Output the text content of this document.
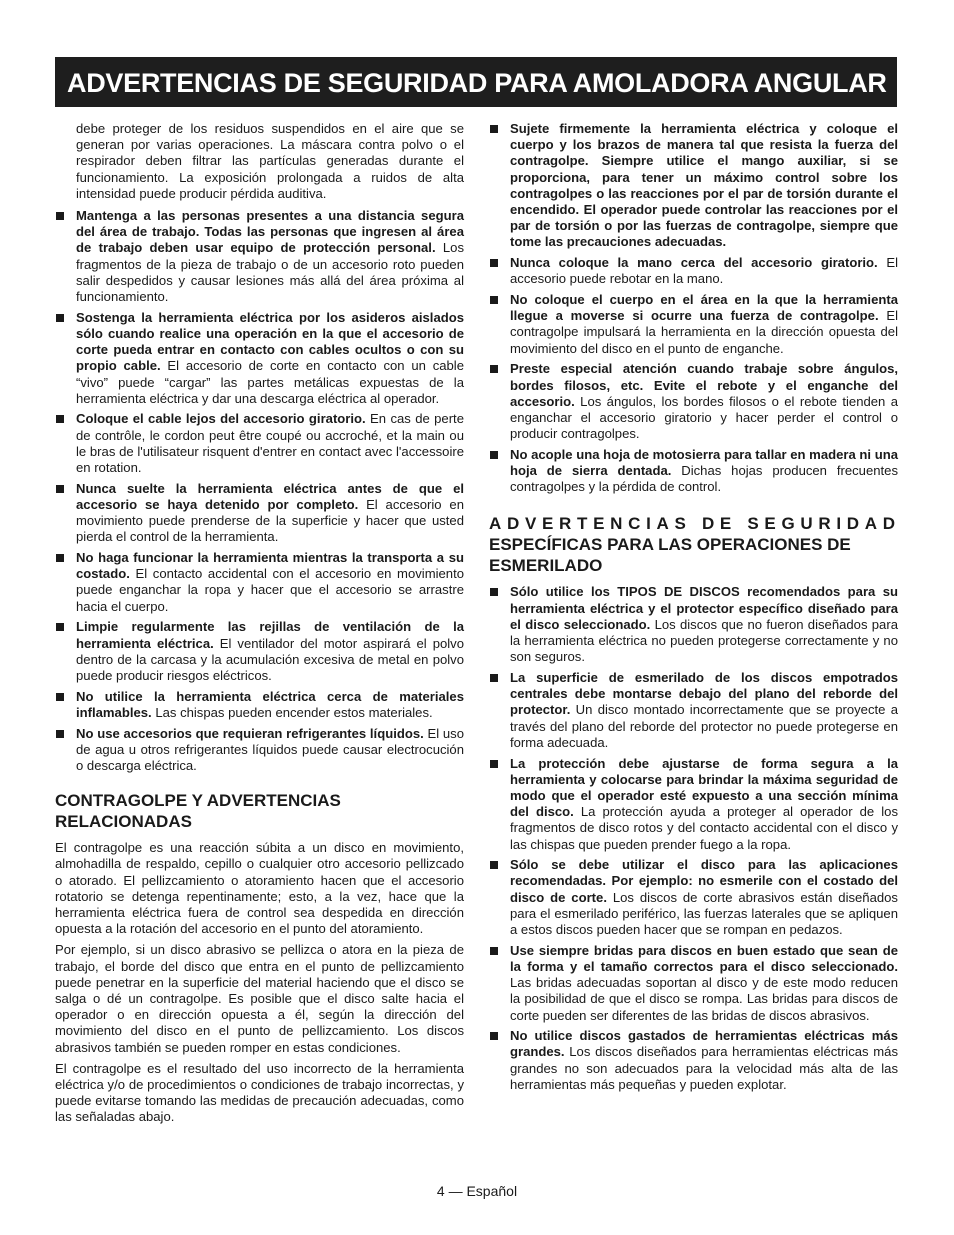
ADVERTENCIAS DE SEGURIDAD PARA AMOLADORA ANGULAR

debe proteger de los residuos suspendidos en el aire que se generan por varias operaciones. La máscara contra polvo o el respirador deben filtrar las partículas generadas durante el funcionamiento. La exposición prolongada a ruidos de alta intensidad puede producir pérdida auditiva.

Mantenga a las personas presentes a una distancia segura del área de trabajo. Todas las personas que ingresen al área de trabajo deben usar equipo de protección personal. Los fragmentos de la pieza de trabajo o de un accesorio roto pueden salir despedidos y causar lesiones más allá del área próxima al funcionamiento.
Sostenga la herramienta eléctrica por los asideros aislados sólo cuando realice una operación en la que el accesorio de corte pueda entrar en contacto con cables ocultos o con su propio cable. El accesorio de corte en contacto con un cable “vivo” puede “cargar” las partes metálicas expuestas de la herramienta eléctrica y dar una descarga eléctrica al operador.
Coloque el cable lejos del accesorio giratorio. En cas de perte de contrôle, le cordon peut être coupé ou accroché, et la main ou le bras de l'utilisateur risquent d'entrer en contact avec l'accessoire en rotation.
Nunca suelte la herramienta eléctrica antes de que el accesorio se haya detenido por completo. El accesorio en movimiento puede prenderse de la superficie y hacer que usted pierda el control de la herramienta.
No haga funcionar la herramienta mientras la transporta a su costado. El contacto accidental con el accesorio en movimiento puede enganchar la ropa y hacer que el accesorio se arrastre hacia el cuerpo.
Limpie regularmente las rejillas de ventilación de la herramienta eléctrica. El ventilador del motor aspirará el polvo dentro de la carcasa y la acumulación excesiva de metal en polvo puede producir riesgos eléctricos.
No utilice la herramienta eléctrica cerca de materiales inflamables. Las chispas pueden encender estos materiales.
No use accesorios que requieran refrigerantes líquidos. El uso de agua u otros refrigerantes líquidos puede causar electrocución o descarga eléctrica.
CONTRAGOLPE Y ADVERTENCIAS RELACIONADAS

El contragolpe es una reacción súbita a un disco en movimiento, almohadilla de respaldo, cepillo o cualquier otro accesorio pellizcado o atorado. El pellizcamiento o atoramiento hacen que el accesorio rotatorio se detenga repentinamente; esto, a la vez, hace que la herramienta eléctrica fuera de control sea despedida en dirección opuesta a la rotación del accesorio en el punto del atoramiento.

Por ejemplo, si un disco abrasivo se pellizca o atora en la pieza de trabajo, el borde del disco que entra en el punto de pellizcamiento puede penetrar en la superficie del material haciendo que el disco se salga o dé un contragolpe. Es posible que el disco salte hacia el operador o en dirección opuesta a él, según la dirección del movimiento del disco en el punto de pellizcamiento. Los discos abrasivos también se pueden romper en estas condiciones.

El contragolpe es el resultado del uso incorrecto de la herramienta eléctrica y/o de procedimientos o condiciones de trabajo incorrectas, y puede evitarse tomando las medidas de precaución adecuadas, como las señaladas abajo.

Sujete firmemente la herramienta eléctrica y coloque el cuerpo y los brazos de manera tal que resista la fuerza del contragolpe. Siempre utilice el mango auxiliar, si se proporciona, para tener un máximo control sobre los contragolpes o las reacciones por el par de torsión durante el encendido. El operador puede controlar las reacciones por el par de torsión o por las fuerzas de contragolpe, siempre que tome las precauciones adecuadas.
Nunca coloque la mano cerca del accesorio giratorio. El accesorio puede rebotar en la mano.
No coloque el cuerpo en el área en la que la herramienta llegue a moverse si ocurre una fuerza de contragolpe. El contragolpe impulsará la herramienta en la dirección opuesta del movimiento del disco en el punto de enganche.
Preste especial atención cuando trabaje sobre ángulos, bordes filosos, etc. Evite el rebote y el enganche del accesorio. Los ángulos, los bordes filosos o el rebote tienden a enganchar el accesorio giratorio y hacer perder el control o producir contragolpes.
No acople una hoja de motosierra para tallar en madera ni una hoja de sierra dentada. Dichas hojas producen frecuentes contragolpes y la pérdida de control.
ADVERTENCIAS DE SEGURIDAD
ESPECÍFICAS PARA LAS OPERACIONES DE ESMERILADO
Sólo utilice los TIPOS DE DISCOS recomendados para su herramienta eléctrica y el protector específico diseñado para el disco seleccionado. Los discos que no fueron diseñados para la herramienta eléctrica no pueden protegerse correctamente y no son seguros.
La superficie de esmerilado de los discos empotrados centrales debe montarse debajo del plano del reborde del protector. Un disco montado incorrectamente que se proyecte a través del plano del reborde del protector no puede protegerse en forma adecuada.
La protección debe ajustarse de forma segura a la herramienta y colocarse para brindar la máxima seguridad de modo que el operador esté expuesto a una sección mínima del disco. La protección ayuda a proteger al operador de los fragmentos de disco rotos y del contacto accidental con el disco y las chispas que pueden prender fuego a la ropa.
Sólo se debe utilizar el disco para las aplicaciones recomendadas. Por ejemplo: no esmerile con el costado del disco de corte. Los discos de corte abrasivos están diseñados para el esmerilado periférico, las fuerzas laterales que se apliquen a estos discos pueden hacer que se rompan en pedazos.
Use siempre bridas para discos en buen estado que sean de la forma y el tamaño correctos para el disco seleccionado. Las bridas adecuadas soportan al disco y de este modo reducen la posibilidad de que el disco se rompa. Las bridas para discos de corte pueden ser diferentes de las bridas de discos abrasivos.
No utilice discos gastados de herramientas eléctricas más grandes. Los discos diseñados para herramientas eléctricas más grandes no son adecuados para la velocidad más alta de las herramientas más pequeñas y pueden explotar.
4 — Español
